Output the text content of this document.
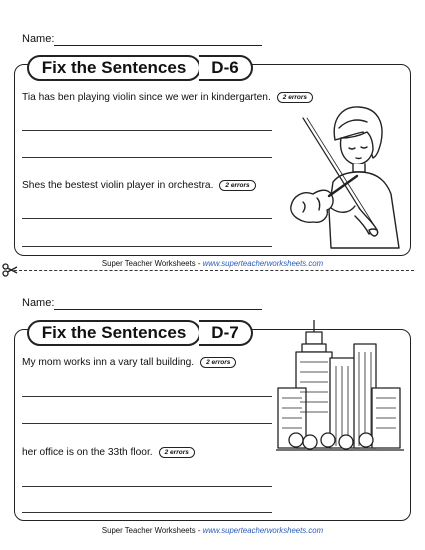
Name:
Fix the Sentences	D-6
Tia has ben playing violin since we wer in kindergarten. 2 errors
Shes the bestest violin player in orchestra. 2 errors
Super Teacher Worksheets - www.superteacherworksheets.com
Name:
Fix the Sentences	D-7
My mom works inn a vary tall building. 2 errors
her office is on the 33th floor. 2 errors
Super Teacher Worksheets - www.superteacherworksheets.com
